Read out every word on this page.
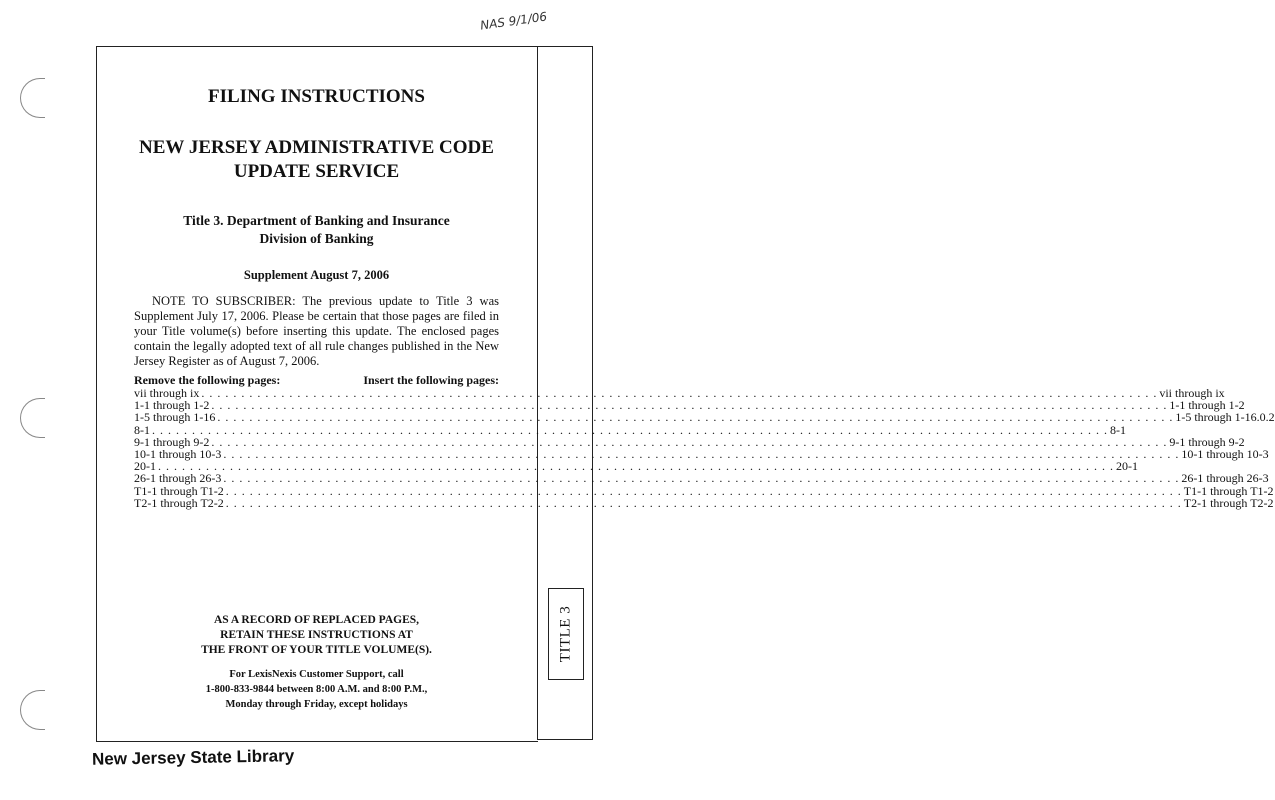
NAS 9/1/06
TITLE 3
FILING INSTRUCTIONS
NEW JERSEY ADMINISTRATIVE CODE
UPDATE SERVICE
Title 3. Department of Banking and Insurance
Division of Banking
Supplement August 7, 2006
NOTE TO SUBSCRIBER: The previous update to Title 3 was Supplement July 17, 2006. Please be certain that those pages are filed in your Title volume(s) before inserting this update. The enclosed pages contain the legally adopted text of all rule changes published in the New Jersey Register as of August 7, 2006.
Remove the following pages:	Insert the following pages:
vii through ix . . . . . . . . . . . . . . . . . . . . . . . . . . . . . . . . . . . . . . . . . . . . . . . . . . . . . . . . . . . . . . . . . . . . . . . . . . . . . . . . . . . . . . . . . . . . . . . . . . . . . . . . . . . . . . . . . . . . . . . . vii through ix
1-1 through 1-2 . . . . . . . . . . . . . . . . . . . . . . . . . . . . . . . . . . . . . . . . . . . . . . . . . . . . . . . . . . . . . . . . . . . . . . . . . . . . . . . . . . . . . . . . . . . . . . . . . . . . . . . . . . . . . . . . . . . . . . . . 1-1 through 1-2
1-5 through 1-16 . . . . . . . . . . . . . . . . . . . . . . . . . . . . . . . . . . . . . . . . . . . . . . . . . . . . . . . . . . . . . . . . . . . . . . . . . . . . . . . . . . . . . . . . . . . . . . . . . . . . . . . . . . . . . . . . . . . . . . . . 1-5 through 1-16.0.2
8-1 . . . . . . . . . . . . . . . . . . . . . . . . . . . . . . . . . . . . . . . . . . . . . . . . . . . . . . . . . . . . . . . . . . . . . . . . . . . . . . . . . . . . . . . . . . . . . . . . . . . . . . . . . . . . . . . . . . . . . . . . 8-1
9-1 through 9-2 . . . . . . . . . . . . . . . . . . . . . . . . . . . . . . . . . . . . . . . . . . . . . . . . . . . . . . . . . . . . . . . . . . . . . . . . . . . . . . . . . . . . . . . . . . . . . . . . . . . . . . . . . . . . . . . . . . . . . . . . 9-1 through 9-2
10-1 through 10-3 . . . . . . . . . . . . . . . . . . . . . . . . . . . . . . . . . . . . . . . . . . . . . . . . . . . . . . . . . . . . . . . . . . . . . . . . . . . . . . . . . . . . . . . . . . . . . . . . . . . . . . . . . . . . . . . . . . . . . . . . 10-1 through 10-3
20-1 . . . . . . . . . . . . . . . . . . . . . . . . . . . . . . . . . . . . . . . . . . . . . . . . . . . . . . . . . . . . . . . . . . . . . . . . . . . . . . . . . . . . . . . . . . . . . . . . . . . . . . . . . . . . . . . . . . . . . . . . 20-1
26-1 through 26-3 . . . . . . . . . . . . . . . . . . . . . . . . . . . . . . . . . . . . . . . . . . . . . . . . . . . . . . . . . . . . . . . . . . . . . . . . . . . . . . . . . . . . . . . . . . . . . . . . . . . . . . . . . . . . . . . . . . . . . . . . 26-1 through 26-3
T1-1 through T1-2 . . . . . . . . . . . . . . . . . . . . . . . . . . . . . . . . . . . . . . . . . . . . . . . . . . . . . . . . . . . . . . . . . . . . . . . . . . . . . . . . . . . . . . . . . . . . . . . . . . . . . . . . . . . . . . . . . . . . . . . . T1-1 through T1-2
T2-1 through T2-2 . . . . . . . . . . . . . . . . . . . . . . . . . . . . . . . . . . . . . . . . . . . . . . . . . . . . . . . . . . . . . . . . . . . . . . . . . . . . . . . . . . . . . . . . . . . . . . . . . . . . . . . . . . . . . . . . . . . . . . . . T2-1 through T2-2
AS A RECORD OF REPLACED PAGES,
RETAIN THESE INSTRUCTIONS AT
THE FRONT OF YOUR TITLE VOLUME(S).
For LexisNexis Customer Support, call
1-800-833-9844 between 8:00 A.M. and 8:00 P.M.,
Monday through Friday, except holidays
New Jersey State Library
